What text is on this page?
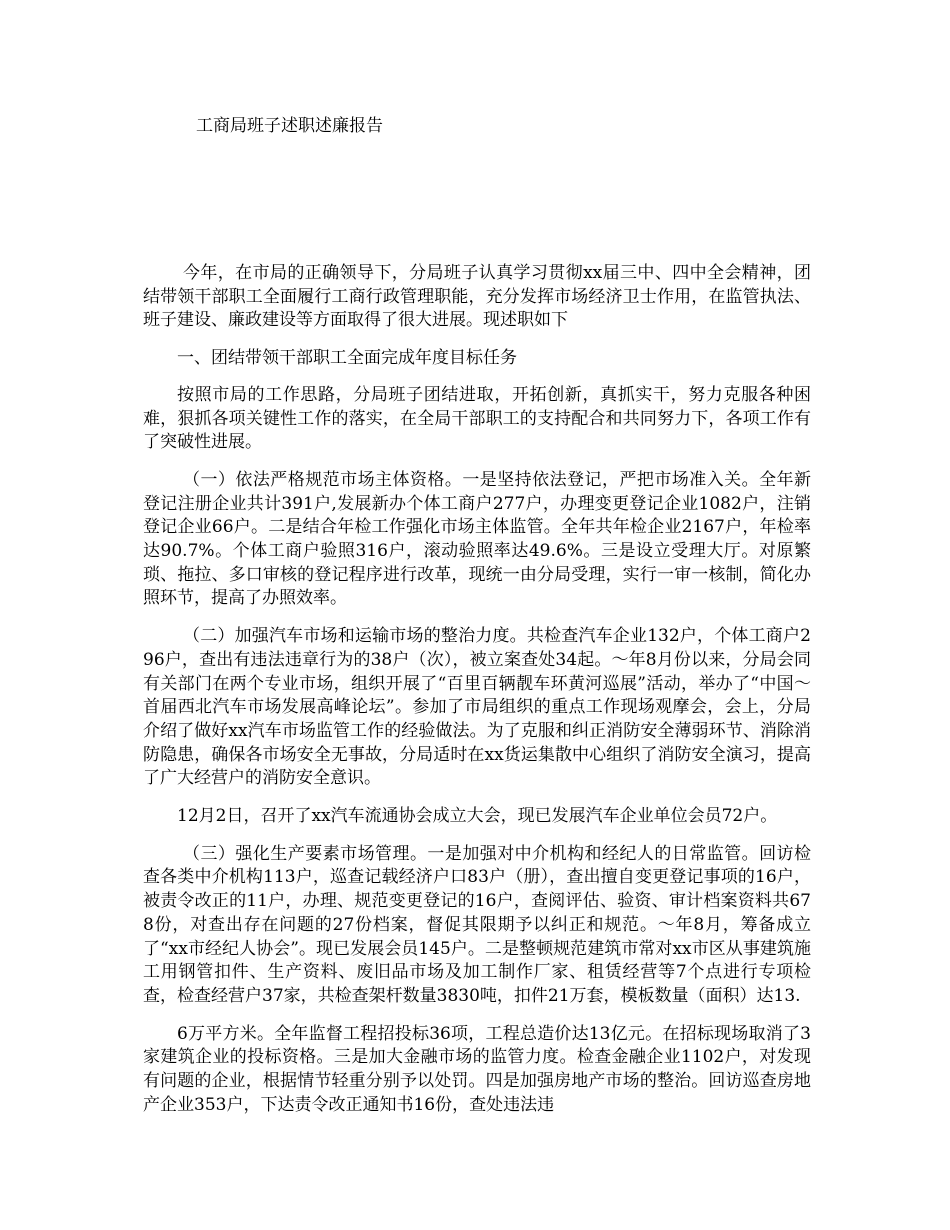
工商局班子述职述廉报告

今年，在市局的正确领导下，分局班子认真学习贯彻xx届三中、四中全会精神，团结带领干部职工全面履行工商行政管理职能，充分发挥市场经济卫士作用，在监管执法、班子建设、廉政建设等方面取得了很大进展。现述职如下

一、团结带领干部职工全面完成年度目标任务

按照市局的工作思路，分局班子团结进取，开拓创新，真抓实干，努力克服各种困难，狠抓各项关键性工作的落实，在全局干部职工的支持配合和共同努力下，各项工作有了突破性进展。

（一）依法严格规范市场主体资格。一是坚持依法登记，严把市场准入关。全年新登记注册企业共计391户,发展新办个体工商户277户，办理变更登记企业1082户，注销登记企业66户。二是结合年检工作强化市场主体监管。全年共年检企业2167户，年检率达90.7%。个体工商户验照316户，滚动验照率达49.6%。三是设立受理大厅。对原繁琐、拖拉、多口审核的登记程序进行改革，现统一由分局受理，实行一审一核制，简化办照环节，提高了办照效率。

（二）加强汽车市场和运输市场的整治力度。共检查汽车企业132户，个体工商户296户，查出有违法违章行为的38户（次），被立案查处34起。～年8月份以来，分局会同有关部门在两个专业市场，组织开展了“百里百辆靓车环黄河巡展”活动，举办了“中国～首届西北汽车市场发展高峰论坛”。参加了市局组织的重点工作现场观摩会，会上，分局介绍了做好xx汽车市场监管工作的经验做法。为了克服和纠正消防安全薄弱环节、消除消防隐患，确保各市场安全无事故，分局适时在xx货运集散中心组织了消防安全演习，提高了广大经营户的消防安全意识。

12月2日，召开了xx汽车流通协会成立大会，现已发展汽车企业单位会员72户。

（三）强化生产要素市场管理。一是加强对中介机构和经纪人的日常监管。回访检查各类中介机构113户，巡查记载经济户口83户（册），查出擅自变更登记事项的16户，被责令改正的11户，办理、规范变更登记的16户，查阅评估、验资、审计档案资料共678份，对查出存在问题的27份档案，督促其限期予以纠正和规范。～年8月，筹备成立了“xx市经纪人协会”。现已发展会员145户。二是整顿规范建筑市常对xx市区从事建筑施工用钢管扣件、生产资料、废旧品市场及加工制作厂家、租赁经营等7个点进行专项检查，检查经营户37家，共检查架杆数量3830吨，扣件21万套，模板数量（面积）达13.

6万平方米。全年监督工程招投标36项，工程总造价达13亿元。在招标现场取消了3家建筑企业的投标资格。三是加大金融市场的监管力度。检查金融企业1102户，对发现有问题的企业，根据情节轻重分别予以处罚。四是加强房地产市场的整治。回访巡查房地产企业353户，下达责令改正通知书16份，查处违法违
